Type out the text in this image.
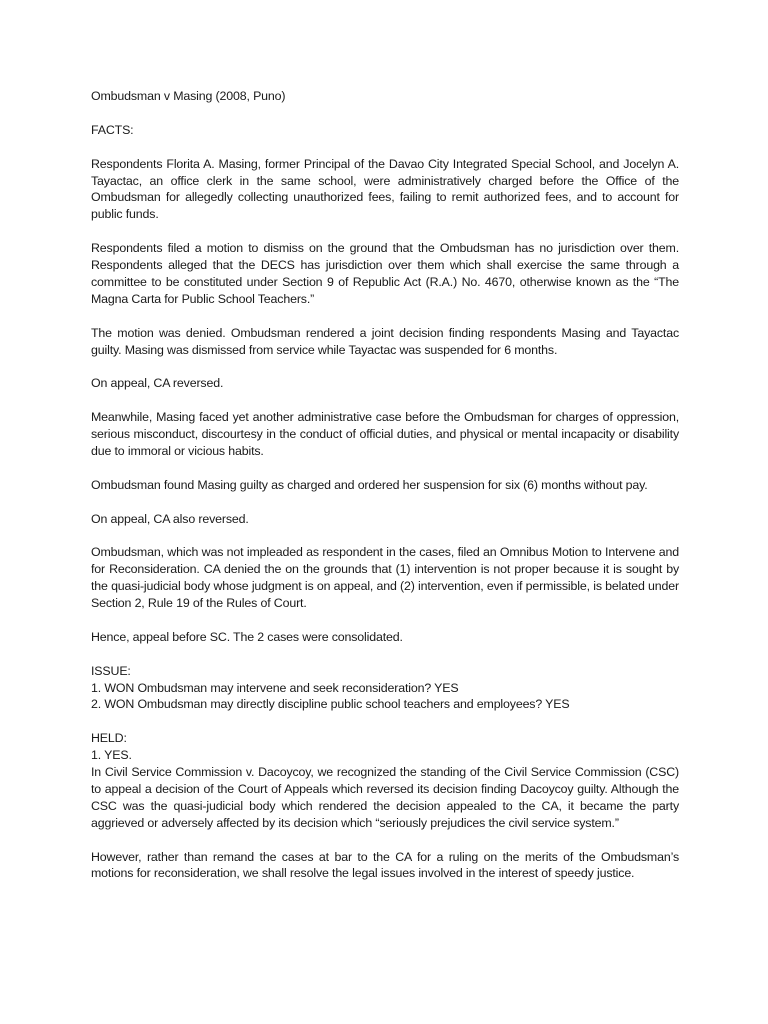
Ombudsman v Masing (2008, Puno)

FACTS:

Respondents Florita A. Masing, former Principal of the Davao City Integrated Special School, and Jocelyn A. Tayactac, an office clerk in the same school, were administratively charged before the Office of the Ombudsman for allegedly collecting unauthorized fees, failing to remit authorized fees, and to account for public funds.

Respondents filed a motion to dismiss on the ground that the Ombudsman has no jurisdiction over them. Respondents alleged that the DECS has jurisdiction over them which shall exercise the same through a committee to be constituted under Section 9 of Republic Act (R.A.) No. 4670, otherwise known as the “The Magna Carta for Public School Teachers.”

The motion was denied. Ombudsman rendered a joint decision finding respondents Masing and Tayactac guilty. Masing was dismissed from service while Tayactac was suspended for 6 months.

On appeal, CA reversed.

Meanwhile, Masing faced yet another administrative case before the Ombudsman for charges of oppression, serious misconduct, discourtesy in the conduct of official duties, and physical or mental incapacity or disability due to immoral or vicious habits.

Ombudsman found Masing guilty as charged and ordered her suspension for six (6) months without pay.

On appeal, CA also reversed.

Ombudsman, which was not impleaded as respondent in the cases, filed an Omnibus Motion to Intervene and for Reconsideration. CA denied the on the grounds that (1) intervention is not proper because it is sought by the quasi-judicial body whose judgment is on appeal, and (2) intervention, even if permissible, is belated under Section 2, Rule 19 of the Rules of Court.

Hence, appeal before SC. The 2 cases were consolidated.

ISSUE:

1. WON Ombudsman may intervene and seek reconsideration? YES

2. WON Ombudsman may directly discipline public school teachers and employees? YES

HELD:

1. YES.

In Civil Service Commission v. Dacoycoy, we recognized the standing of the Civil Service Commission (CSC) to appeal a decision of the Court of Appeals which reversed its decision finding Dacoycoy guilty. Although the CSC was the quasi-judicial body which rendered the decision appealed to the CA, it became the party aggrieved or adversely affected by its decision which “seriously prejudices the civil service system.”

However, rather than remand the cases at bar to the CA for a ruling on the merits of the Ombudsman’s motions for reconsideration, we shall resolve the legal issues involved in the interest of speedy justice.
